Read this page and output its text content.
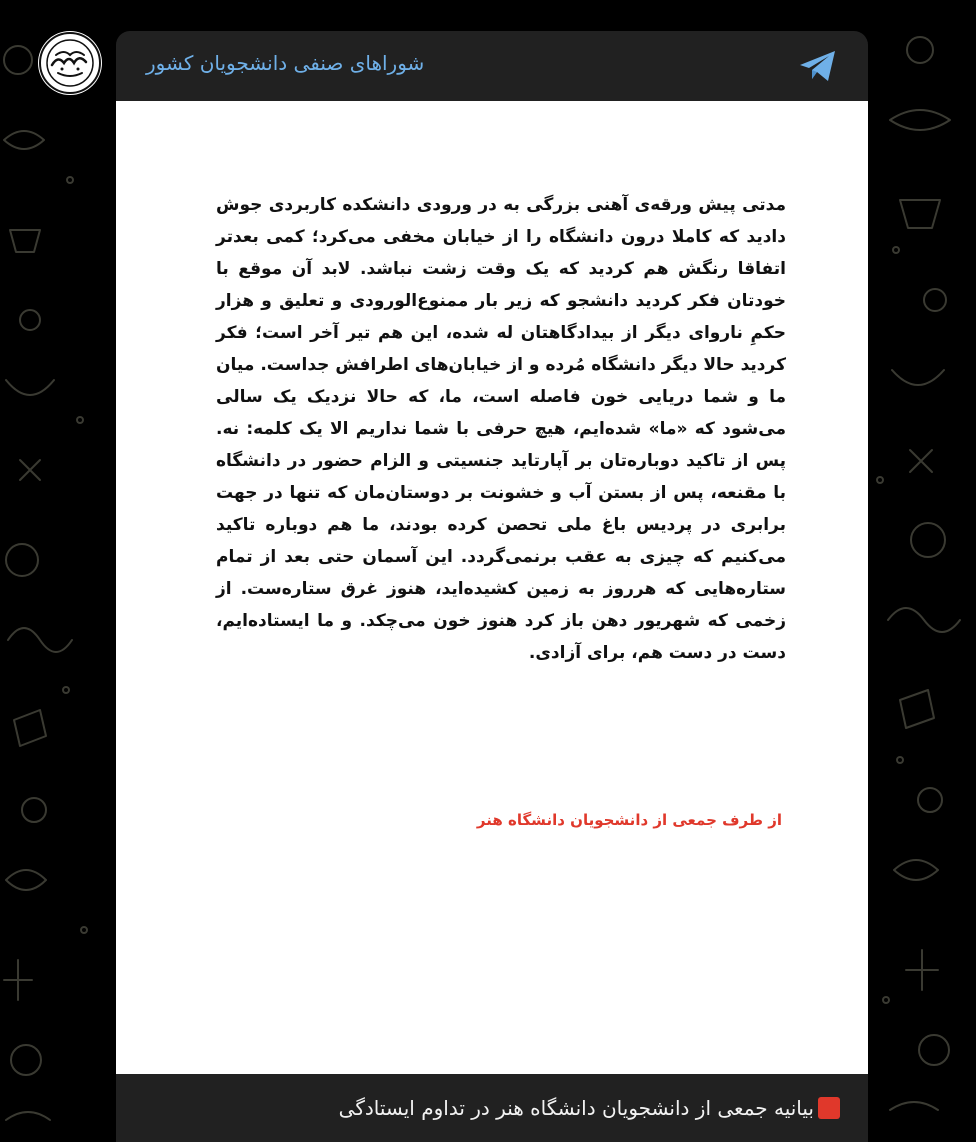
شوراهای صنفی دانشجویان کشور

مدتی پیش ورقه‌ی آهنی بزرگی به در ورودی دانشکده کاربردی جوش دادید که کاملا درون دانشگاه را از خیابان مخفی می‌کرد؛ کمی بعدتر اتفاقا رنگش هم کردید که یک وقت زشت نباشد. لابد آن موقع با خودتان فکر کردید دانشجو که زیر بار ممنوع‌الورودی و تعلیق و هزار حکمِ ناروای دیگر از بیدادگاهتان له شده، این هم تیر آخر است؛ فکر کردید حالا دیگر دانشگاه مُرده و از خیابان‌های اطرافش جداست. میان ما و شما دریایی خون فاصله است، ما، که حالا نزدیک یک سالی می‌شود که «ما» شده‌ایم، هیچ حرفی با شما نداریم الا یک کلمه: نه. پس از تاکید دوباره‌تان بر آپارتاید جنسیتی و الزام حضور در دانشگاه با مقنعه، پس از بستن آب و خشونت بر دوستان‌مان که تنها در جهت برابری در پردیس باغ ملی تحصن کرده بودند، ما هم دوباره تاکید می‌کنیم که چیزی به عقب برنمی‌گردد. این آسمان حتی بعد از تمام ستاره‌هایی که هرروز به زمین کشیده‌اید، هنوز غرق ستاره‌ست. از زخمی که شهریور دهن باز کرد هنوز خون می‌چکد. و ما ایستاده‌ایم، دست در دست هم، برای آزادی.

از طرف جمعی از دانشجویان دانشگاه هنر

بیانیه جمعی از دانشجویان دانشگاه هنر در تداوم ایستادگی
